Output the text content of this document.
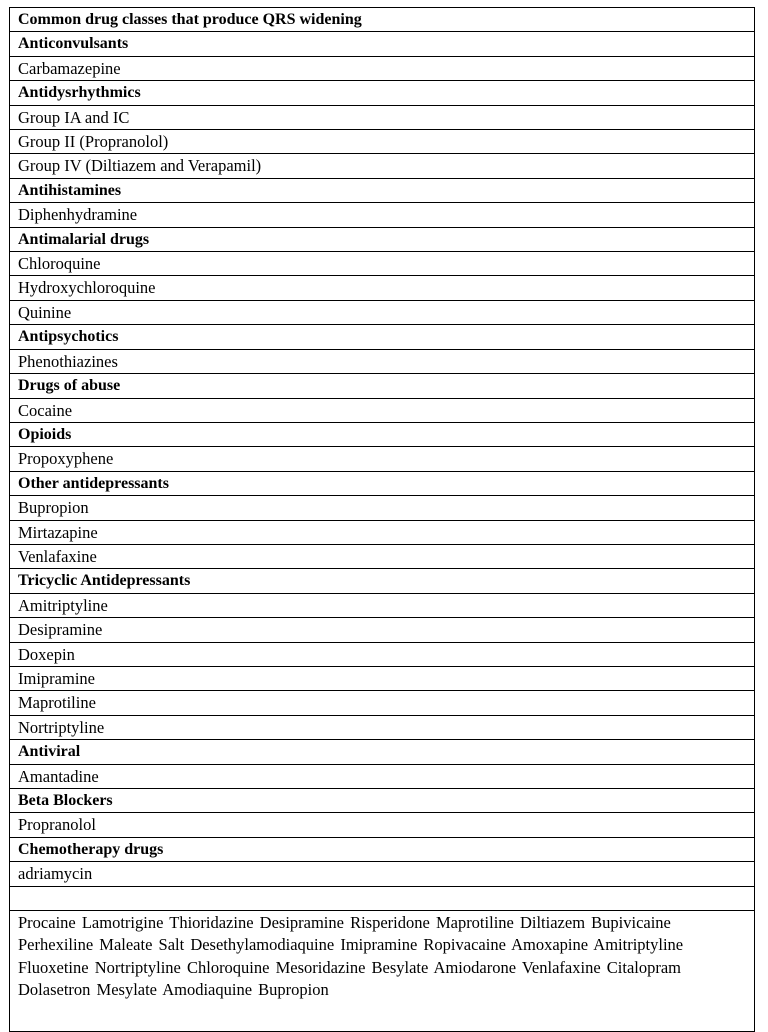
Common drug classes that produce QRS widening
Anticonvulsants
Carbamazepine
Antidysrhythmics
Group IA and IC
Group II (Propranolol)
Group IV (Diltiazem and Verapamil)
Antihistamines
Diphenhydramine
Antimalarial drugs
Chloroquine
Hydroxychloroquine
Quinine
Antipsychotics
Phenothiazines
Drugs of abuse
Cocaine
Opioids
Propoxyphene
Other antidepressants
Bupropion
Mirtazapine
Venlafaxine
Tricyclic Antidepressants
Amitriptyline
Desipramine
Doxepin
Imipramine
Maprotiline
Nortriptyline
Antiviral
Amantadine
Beta Blockers
Propranolol
Chemotherapy drugs
adriamycin

Procaine Lamotrigine Thioridazine Desipramine Risperidone Maprotiline Diltiazem Bupivicaine Perhexiline Maleate Salt Desethylamodiaquine Imipramine Ropivacaine Amoxapine Amitriptyline Fluoxetine Nortriptyline Chloroquine Mesoridazine Besylate Amiodarone Venlafaxine Citalopram Dolasetron Mesylate Amodiaquine Bupropion
